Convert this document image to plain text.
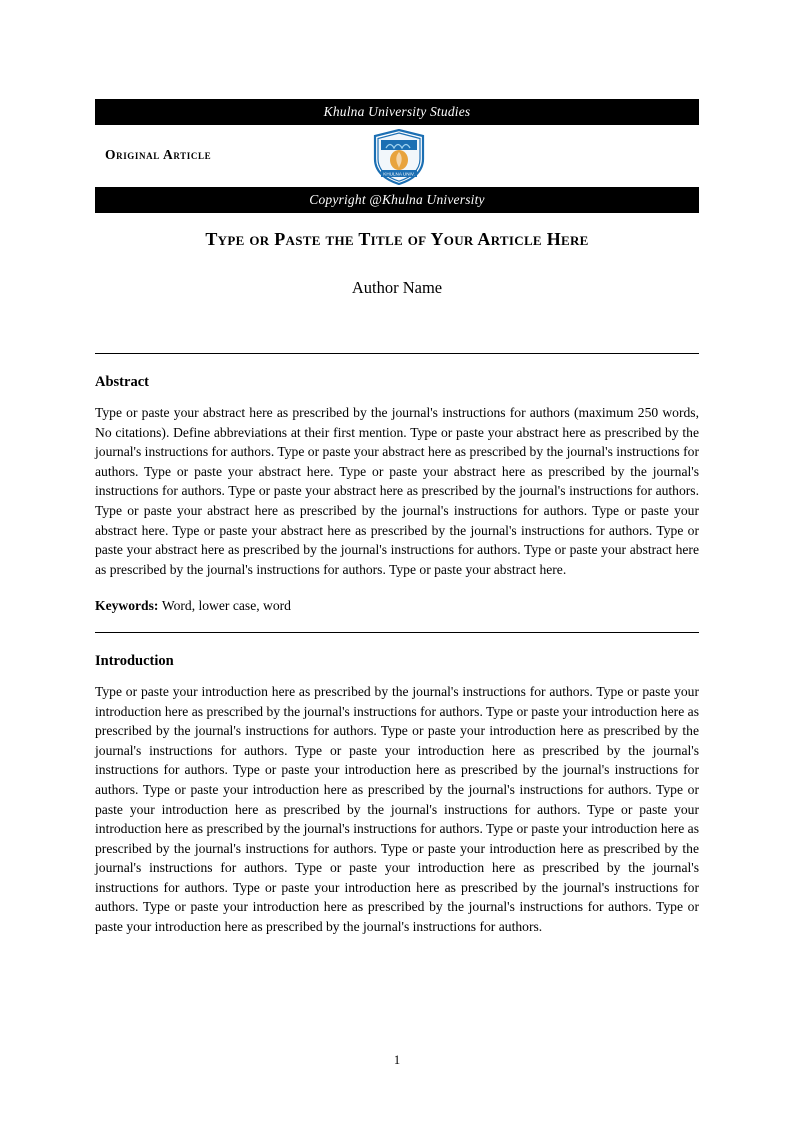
Khulna University Studies
Original Article
KHULNA UNIV.
Copyright @Khulna University
Type or Paste the Title of Your Article Here
Author Name
Abstract
Type or paste your abstract here as prescribed by the journal's instructions for authors (maximum 250 words, No citations). Define abbreviations at their first mention. Type or paste your abstract here as prescribed by the journal's instructions for authors. Type or paste your abstract here as prescribed by the journal's instructions for authors. Type or paste your abstract here. Type or paste your abstract here as prescribed by the journal's instructions for authors. Type or paste your abstract here as prescribed by the journal's instructions for authors. Type or paste your abstract here as prescribed by the journal's instructions for authors. Type or paste your abstract here. Type or paste your abstract here as prescribed by the journal's instructions for authors. Type or paste your abstract here as prescribed by the journal's instructions for authors. Type or paste your abstract here as prescribed by the journal's instructions for authors. Type or paste your abstract here.
Keywords: Word, lower case, word
Introduction
Type or paste your introduction here as prescribed by the journal's instructions for authors. Type or paste your introduction here as prescribed by the journal's instructions for authors. Type or paste your introduction here as prescribed by the journal's instructions for authors. Type or paste your introduction here as prescribed by the journal's instructions for authors. Type or paste your introduction here as prescribed by the journal's instructions for authors. Type or paste your introduction here as prescribed by the journal's instructions for authors. Type or paste your introduction here as prescribed by the journal's instructions for authors. Type or paste your introduction here as prescribed by the journal's instructions for authors. Type or paste your introduction here as prescribed by the journal's instructions for authors. Type or paste your introduction here as prescribed by the journal's instructions for authors. Type or paste your introduction here as prescribed by the journal's instructions for authors. Type or paste your introduction here as prescribed by the journal's instructions for authors. Type or paste your introduction here as prescribed by the journal's instructions for authors. Type or paste your introduction here as prescribed by the journal's instructions for authors. Type or paste your introduction here as prescribed by the journal's instructions for authors.
1
